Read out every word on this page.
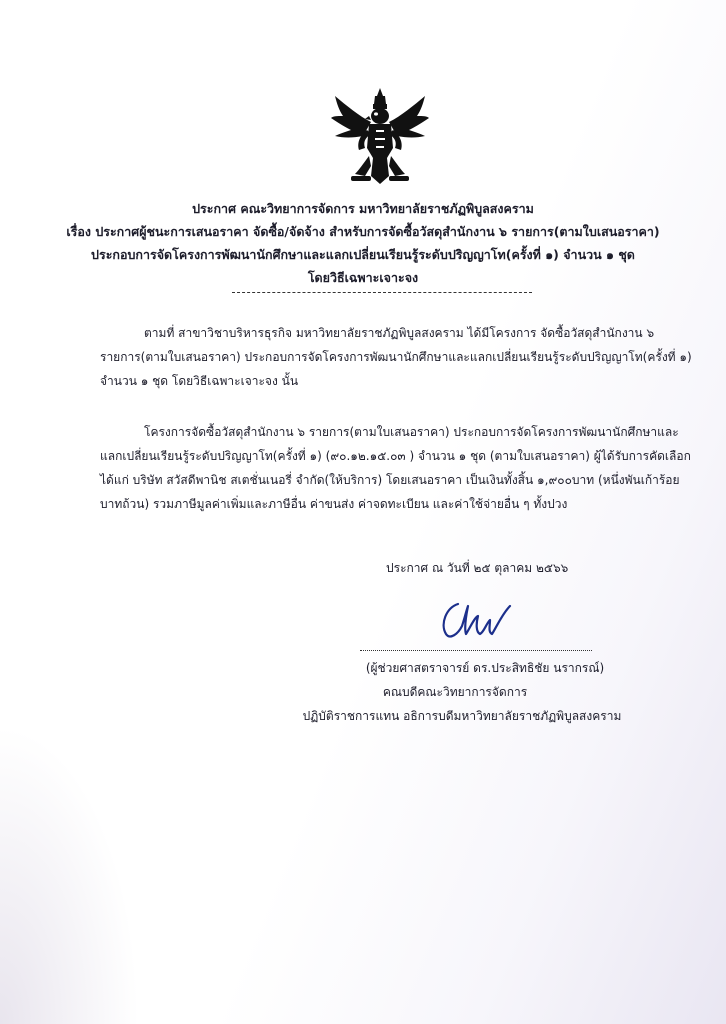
ประกาศ คณะวิทยาการจัดการ มหาวิทยาลัยราชภัฏพิบูลสงคราม
เรื่อง ประกาศผู้ชนะการเสนอราคา จัดซื้อ/จัดจ้าง สำหรับการจัดซื้อวัสดุสำนักงาน ๖ รายการ(ตามใบเสนอราคา)
ประกอบการจัดโครงการพัฒนานักศึกษาและแลกเปลี่ยนเรียนรู้ระดับปริญญาโท(ครั้งที่ ๑) จำนวน ๑ ชุด
โดยวิธีเฉพาะเจาะจง
ตามที่ สาขาวิชาบริหารธุรกิจ มหาวิทยาลัยราชภัฏพิบูลสงคราม ได้มีโครงการ จัดซื้อวัสดุสำนักงาน ๖
รายการ(ตามใบเสนอราคา) ประกอบการจัดโครงการพัฒนานักศึกษาและแลกเปลี่ยนเรียนรู้ระดับปริญญาโท(ครั้งที่ ๑)
จำนวน ๑ ชุด โดยวิธีเฉพาะเจาะจง นั้น
โครงการจัดซื้อวัสดุสำนักงาน ๖ รายการ(ตามใบเสนอราคา) ประกอบการจัดโครงการพัฒนานักศึกษาและ
แลกเปลี่ยนเรียนรู้ระดับปริญญาโท(ครั้งที่ ๑) (๙๐.๑๒.๑๕.๐๓ ) จำนวน ๑ ชุด (ตามใบเสนอราคา) ผู้ได้รับการคัดเลือก
ได้แก่ บริษัท สวัสดีพานิช สเตชั่นเนอรี่ จำกัด(ให้บริการ) โดยเสนอราคา เป็นเงินทั้งสิ้น ๑,๙๐๐บาท (หนึ่งพันเก้าร้อย
บาทถ้วน) รวมภาษีมูลค่าเพิ่มและภาษีอื่น ค่าขนส่ง ค่าจดทะเบียน และค่าใช้จ่ายอื่น ๆ ทั้งปวง
ประกาศ ณ วันที่ ๒๕ ตุลาคม ๒๕๖๖
(ผู้ช่วยศาสตราจารย์ ดร.ประสิทธิชัย นรากรณ์)
คณบดีคณะวิทยาการจัดการ
ปฏิบัติราชการแทน อธิการบดีมหาวิทยาลัยราชภัฏพิบูลสงคราม
